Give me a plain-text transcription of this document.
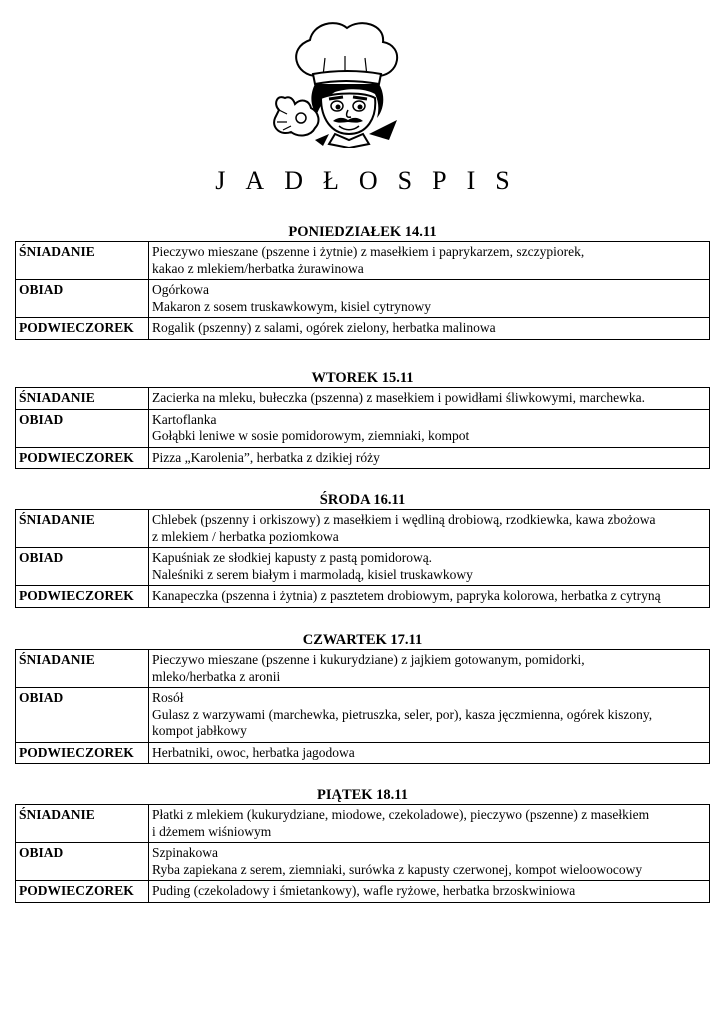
J A D Ł O S P I S
PONIEDZIAŁEK 14.11
ŚNIADANIE	Pieczywo mieszane (pszenne i żytnie) z masełkiem i paprykarzem, szczypiorek,
kakao z mlekiem/herbatka żurawinowa

OBIAD	Ogórkowa
Makaron z sosem truskawkowym, kisiel cytrynowy

PODWIECZOREK	Rogalik (pszenny) z salami, ogórek zielony, herbatka malinowa
WTOREK 15.11
ŚNIADANIE	Zacierka na mleku, bułeczka (pszenna) z masełkiem i powidłami śliwkowymi, marchewka.

OBIAD	Kartoflanka
Gołąbki leniwe w sosie pomidorowym, ziemniaki, kompot

PODWIECZOREK	Pizza „Karolenia”, herbatka z dzikiej róży
ŚRODA 16.11
ŚNIADANIE	Chlebek (pszenny i orkiszowy) z masełkiem i wędliną drobiową, rzodkiewka, kawa zbożowa
z mlekiem / herbatka poziomkowa

OBIAD	Kapuśniak ze słodkiej kapusty z pastą pomidorową.
Naleśniki z serem białym i marmoladą, kisiel truskawkowy

PODWIECZOREK	Kanapeczka (pszenna i żytnia) z pasztetem drobiowym, papryka kolorowa, herbatka z cytryną
CZWARTEK 17.11
ŚNIADANIE	Pieczywo mieszane (pszenne i kukurydziane) z jajkiem gotowanym, pomidorki,
mleko/herbatka z aronii

OBIAD	Rosół
Gulasz z warzywami (marchewka, pietruszka, seler, por), kasza jęczmienna, ogórek kiszony,
kompot jabłkowy

PODWIECZOREK	Herbatniki, owoc, herbatka jagodowa
PIĄTEK 18.11
ŚNIADANIE	Płatki z mlekiem (kukurydziane, miodowe, czekoladowe), pieczywo (pszenne) z masełkiem
i dżemem wiśniowym

OBIAD	Szpinakowa
Ryba zapiekana z serem, ziemniaki, surówka z kapusty czerwonej, kompot wieloowocowy

PODWIECZOREK	Puding (czekoladowy i śmietankowy), wafle ryżowe, herbatka brzoskwiniowa
